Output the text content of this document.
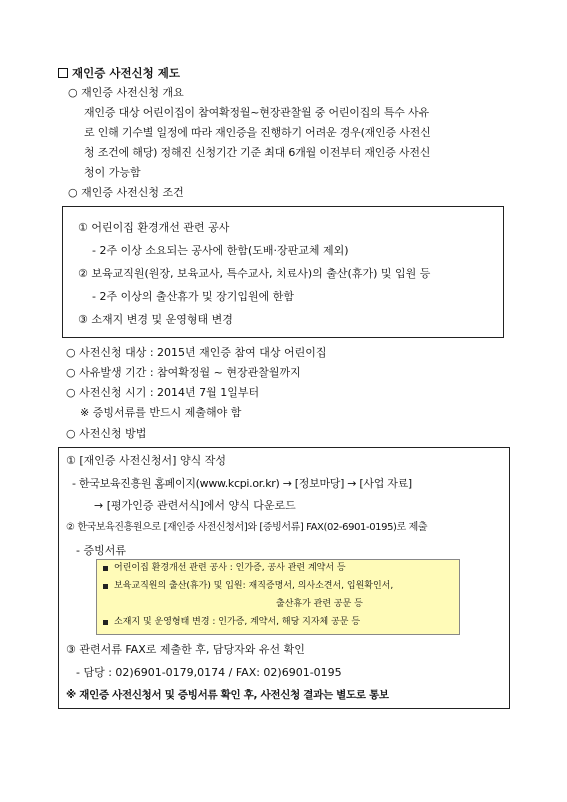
재인증 사전신청 제도
○ 재인증 사전신청 개요
재인증 대상 어린이집이 참여확정월~현장관찰월 중 어린이집의 특수 사유
로 인해 기수별 일정에 따라 재인증을 진행하기 어려운 경우(재인증 사전신
청 조건에 해당) 정해진 신청기간 기준 최대 6개월 이전부터 재인증 사전신
청이 가능함
○ 재인증 사전신청 조건
① 어린이집 환경개선 관련 공사
- 2주 이상 소요되는 공사에 한함(도배·장판교체 제외)
② 보육교직원(원장, 보육교사, 특수교사, 치료사)의 출산(휴가) 및 입원 등
- 2주 이상의 출산휴가 및 장기입원에 한함
③ 소재지 변경 및 운영형태 변경
○ 사전신청 대상 : 2015년 재인증 참여 대상 어린이집
○ 사유발생 기간 : 참여확정월 ~ 현장관찰월까지
○ 사전신청 시기 : 2014년 7월 1일부터
※ 증빙서류를 반드시 제출해야 함
○ 사전신청 방법
① [재인증 사전신청서] 양식 작성
- 한국보육진흥원 홈페이지(www.kcpi.or.kr) → [정보마당] → [사업 자료]
→ [평가인증 관련서식]에서 양식 다운로드
② 한국보육진흥원으로 [재인증 사전신청서]와 [증빙서류] FAX(02-6901-0195)로 제출
- 증빙서류
어린이집 환경개선 관련 공사 : 인가증, 공사 관련 계약서 등
보육교직원의 출산(휴가) 및 입원: 재직증명서, 의사소견서, 입원확인서,
출산휴가 관련 공문 등
소재지 및 운영형태 변경 : 인가증, 계약서, 해당 지자체 공문 등
③ 관련서류 FAX로 제출한 후, 담당자와 유선 확인
- 담당 : 02)6901-0179,0174 / FAX: 02)6901-0195
※ 재인증 사전신청서 및 증빙서류 확인 후, 사전신청 결과는 별도로 통보
